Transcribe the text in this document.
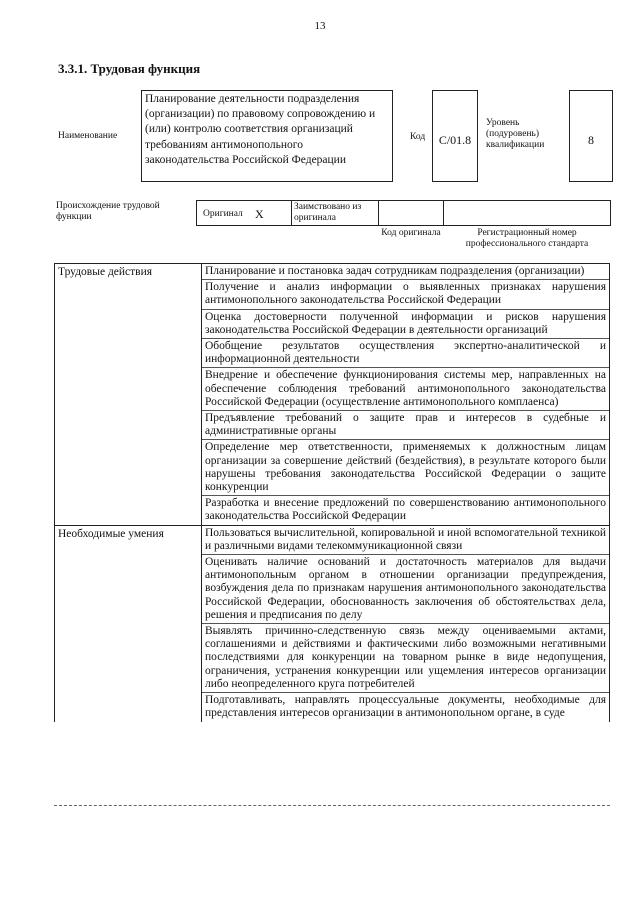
13
3.3.1. Трудовая функция
Наименование
Планирование деятельности подразделения (организации) по правовому сопровождению и (или) контролю соответствия организаций требованиям антимонопольного законодательства Российской Федерации
Код	C/01.8
Уровень (подуровень) квалификации	8
Происхождение трудовой функции	Оригинал X	Заимствовано из оригинала
Код оригинала	Регистрационный номер профессионального стандарта
Трудовые действия	Планирование и постановка задач сотрудникам подразделения (организации)
	Получение и анализ информации о выявленных признаках нарушения антимонопольного законодательства Российской Федерации
	Оценка достоверности полученной информации и рисков нарушения законодательства Российской Федерации в деятельности организаций
	Обобщение результатов осуществления экспертно-аналитической и информационной деятельности
	Внедрение и обеспечение функционирования системы мер, направленных на обеспечение соблюдения требований антимонопольного законодательства Российской Федерации (осуществление антимонопольного комплаенса)
	Предъявление требований о защите прав и интересов в судебные и административные органы
	Определение мер ответственности, применяемых к должностным лицам организации за совершение действий (бездействия), в результате которого были нарушены требования законодательства Российской Федерации о защите конкуренции
	Разработка и внесение предложений по совершенствованию антимонопольного законодательства Российской Федерации
Необходимые умения	Пользоваться вычислительной, копировальной и иной вспомогательной техникой и различными видами телекоммуникационной связи
	Оценивать наличие оснований и достаточность материалов для выдачи антимонопольным органом в отношении организации предупреждения, возбуждения дела по признакам нарушения антимонопольного законодательства Российской Федерации, обоснованность заключения об обстоятельствах дела, решения и предписания по делу
	Выявлять причинно-следственную связь между оцениваемыми актами, соглашениями и действиями и фактическими либо возможными негативными последствиями для конкуренции на товарном рынке в виде недопущения, ограничения, устранения конкуренции или ущемления интересов организации либо неопределенного круга потребителей
	Подготавливать, направлять процессуальные документы, необходимые для представления интересов организации в антимонопольном органе, в суде
